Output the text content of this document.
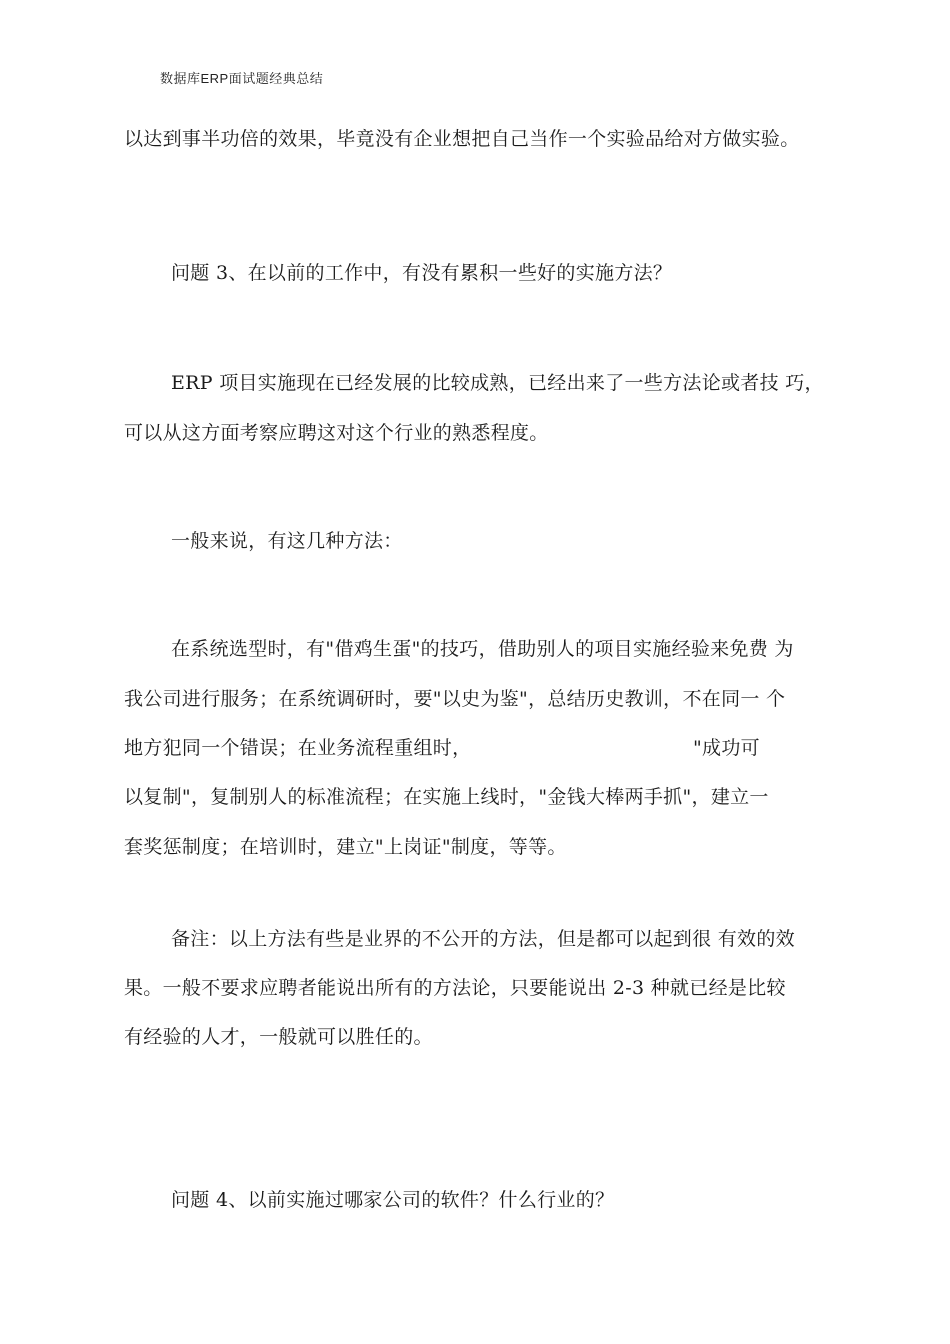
数据库ERP面试题经典总结
以达到事半功倍的效果，毕竟没有企业想把自己当作一个实验品给对方做实验。
问题 3、在以前的工作中，有没有累积一些好的实施方法？
ERP 项目实施现在已经发展的比较成熟，已经出来了一些方法论或者技 巧，
可以从这方面考察应聘这对这个行业的熟悉程度。
一般来说，有这几种方法：
在系统选型时，有"借鸡生蛋"的技巧，借助别人的项目实施经验来免费 为
我公司进行服务；在系统调研时，要"以史为鉴"，总结历史教训，不在同一 个
地方犯同一个错误；在业务流程重组时，	"成功可
以复制"，复制别人的标准流程；在实施上线时，"金钱大棒两手抓"，建立一
套奖惩制度；在培训时，建立"上岗证"制度，等等。
备注：以上方法有些是业界的不公开的方法，但是都可以起到很 有效的效
果。一般不要求应聘者能说出所有的方法论，只要能说出 2-3 种就已经是比较
有经验的人才，一般就可以胜任的。
问题 4、以前实施过哪家公司的软件？什么行业的？
